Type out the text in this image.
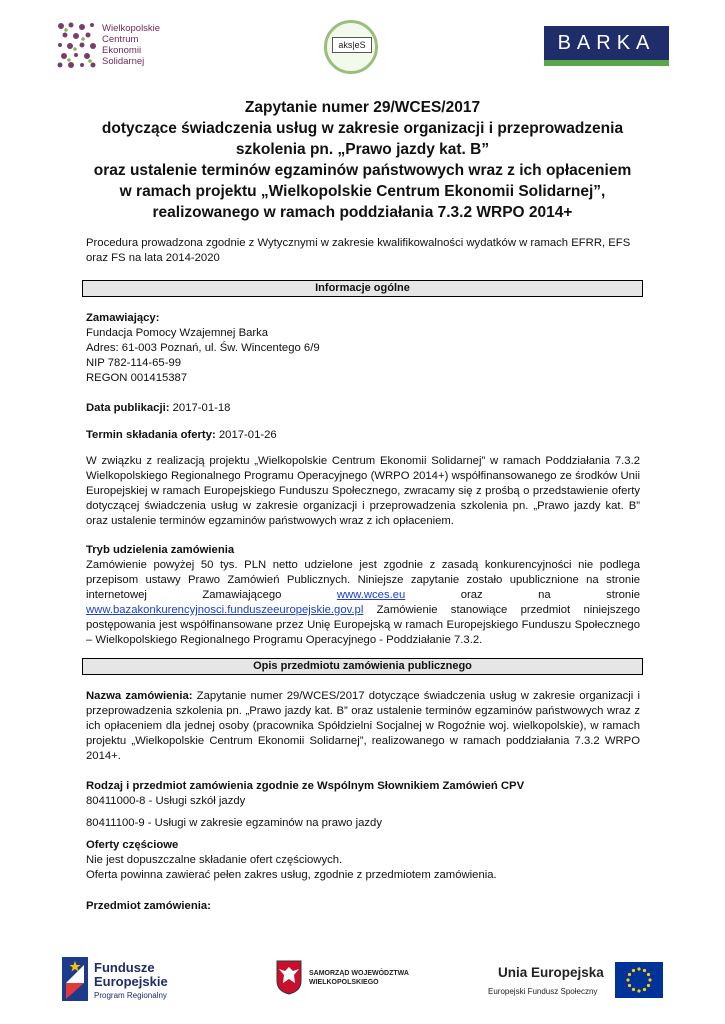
Wielkopolskie
Centrum
Ekonomii
Solidarnej
aks|eS	BARKA
Zapytanie numer 29/WCES/2017
dotyczące świadczenia usług w zakresie organizacji i przeprowadzenia
szkolenia pn. „Prawo jazdy kat. B”
oraz ustalenie terminów egzaminów państwowych wraz z ich opłaceniem
w ramach projektu „Wielkopolskie Centrum Ekonomii Solidarnej”,
realizowanego w ramach poddziałania 7.3.2 WRPO 2014+
Procedura prowadzona zgodnie z Wytycznymi w zakresie kwalifikowalności wydatków w ramach EFRR, EFS oraz FS na lata 2014-2020
Informacje ogólne
Zamawiający:
Fundacja Pomocy Wzajemnej Barka
Adres: 61-003 Poznań, ul. Św. Wincentego 6/9
NIP 782-114-65-99
REGON 001415387
Data publikacji: 2017-01-18
Termin składania oferty: 2017-01-26
W związku z realizacją projektu „Wielkopolskie Centrum Ekonomii Solidarnej” w ramach Poddziałania 7.3.2 Wielkopolskiego Regionalnego Programu Operacyjnego (WRPO 2014+) współfinansowanego ze środków Unii Europejskiej w ramach Europejskiego Funduszu Społecznego, zwracamy się z prośbą o przedstawienie oferty dotyczącej świadczenia usług w zakresie organizacji i przeprowadzenia szkolenia pn. „Prawo jazdy kat. B” oraz ustalenie terminów egzaminów państwowych wraz z ich opłaceniem.
Tryb udzielenia zamówienia
Zamówienie powyżej 50 tys. PLN netto udzielone jest zgodnie z zasadą konkurencyjności nie podlega przepisom ustawy Prawo Zamówień Publicznych. Niniejsze zapytanie zostało upublicznione na stronie internetowej Zamawiającego www.wces.eu oraz na stronie www.bazakonkurencyjnosci.funduszeeuropejskie.gov.pl Zamówienie stanowiące przedmiot niniejszego postępowania jest współfinansowane przez Unię Europejską w ramach Europejskiego Funduszu Społecznego – Wielkopolskiego Regionalnego Programu Operacyjnego - Poddziałanie 7.3.2.
Opis przedmiotu zamówienia publicznego
Nazwa zamówienia: Zapytanie numer 29/WCES/2017 dotyczące świadczenia usług w zakresie organizacji i przeprowadzenia szkolenia pn. „Prawo jazdy kat. B” oraz ustalenie terminów egzaminów państwowych wraz z ich opłaceniem dla jednej osoby (pracownika Spółdzielni Socjalnej w Rogoźnie woj. wielkopolskie), w ramach projektu „Wielkopolskie Centrum Ekonomii Solidarnej”, realizowanego w ramach poddziałania 7.3.2 WRPO 2014+.
Rodzaj i przedmiot zamówienia zgodnie ze Wspólnym Słownikiem Zamówień CPV
80411000-8 - Usługi szkół jazdy
80411100-9 - Usługi w zakresie egzaminów na prawo jazdy
Oferty częściowe
Nie jest dopuszczalne składanie ofert częściowych.
Oferta powinna zawierać pełen zakres usług, zgodnie z przedmiotem zamówienia.
Przedmiot zamówienia:
Fundusze
Europejskie
Program Regionalny
SAMORZĄD WOJEWÓDZTWA
WIELKOPOLSKIEGO
Unia Europejska
Europejski Fundusz Społeczny
